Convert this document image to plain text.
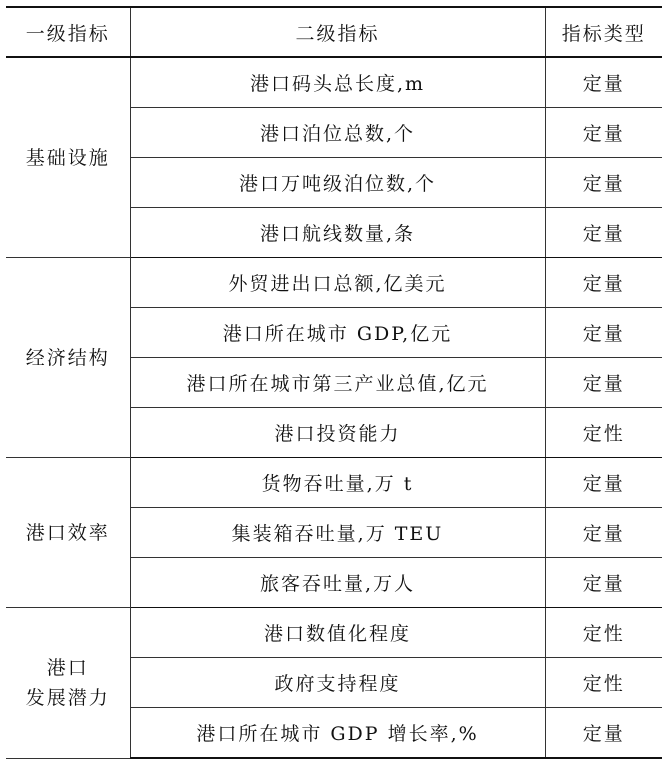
一级指标	二级指标	指标类型

基础设施	港口码头总长度,m	定量
	港口泊位总数,个	定量
	港口万吨级泊位数,个	定量
	港口航线数量,条	定量

经济结构	外贸进出口总额,亿美元	定量
	港口所在城市 GDP,亿元	定量
	港口所在城市第三产业总值,亿元	定量
	港口投资能力	定性

港口效率	货物吞吐量,万 t	定量
	集装箱吞吐量,万 TEU	定量
	旅客吞吐量,万人	定量

港口
发展潜力	港口数值化程度	定性
	政府支持程度	定性
	港口所在城市 GDP 增长率,%	定量
